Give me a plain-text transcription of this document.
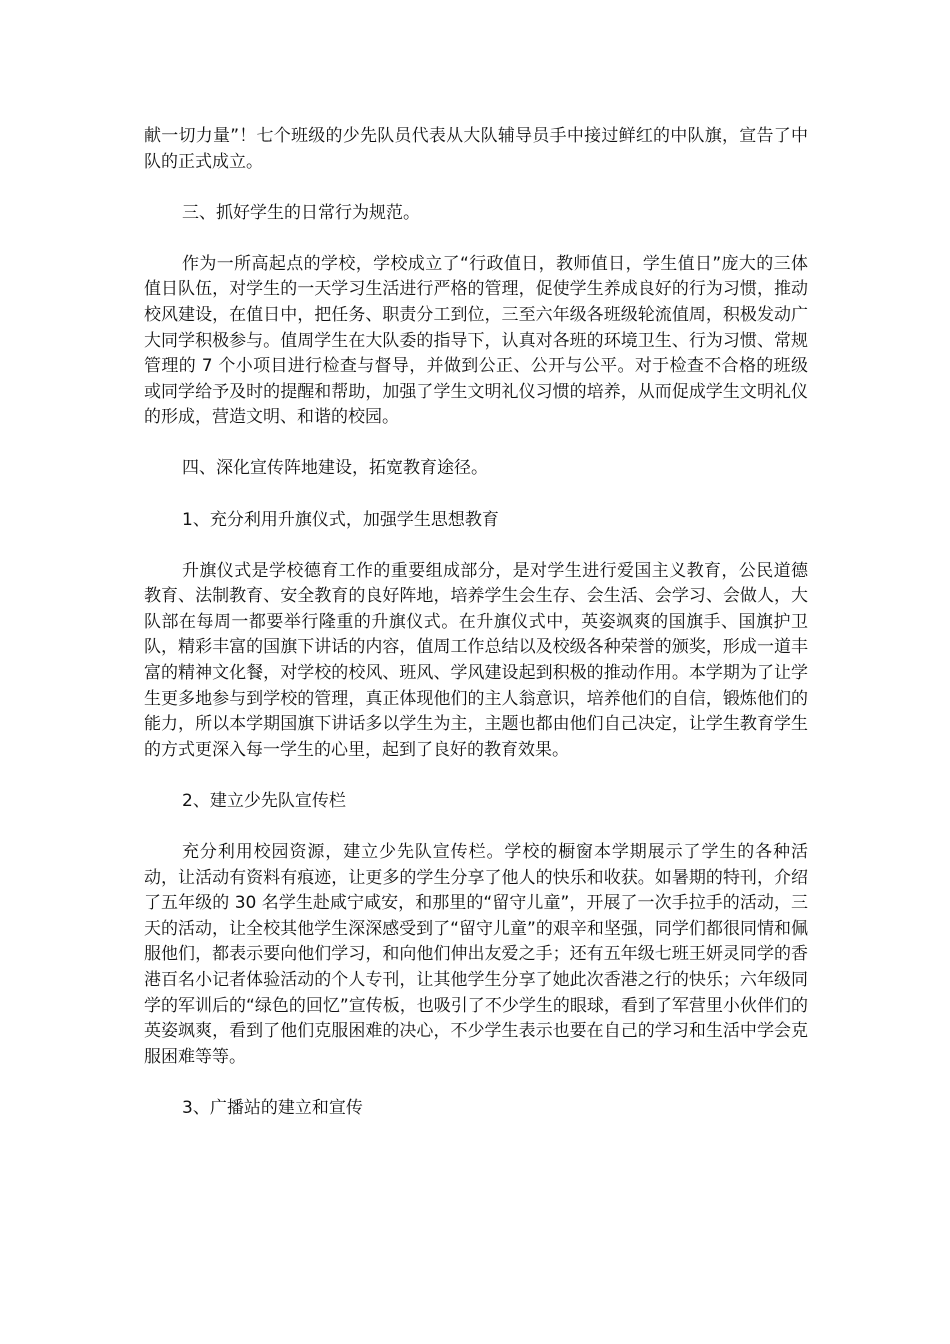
献一切力量”！七个班级的少先队员代表从大队辅导员手中接过鲜红的中队旗，宣告了中队的正式成立。

三、抓好学生的日常行为规范。

作为一所高起点的学校，学校成立了“行政值日，教师值日，学生值日”庞大的三体值日队伍，对学生的一天学习生活进行严格的管理，促使学生养成良好的行为习惯，推动校风建设，在值日中，把任务、职责分工到位，三至六年级各班级轮流值周，积极发动广大同学积极参与。值周学生在大队委的指导下，认真对各班的环境卫生、行为习惯、常规管理的 7 个小项目进行检查与督导，并做到公正、公开与公平。对于检查不合格的班级或同学给予及时的提醒和帮助，加强了学生文明礼仪习惯的培养，从而促成学生文明礼仪的形成，营造文明、和谐的校园。

四、深化宣传阵地建设，拓宽教育途径。

1、充分利用升旗仪式，加强学生思想教育

升旗仪式是学校德育工作的重要组成部分，是对学生进行爱国主义教育，公民道德教育、法制教育、安全教育的良好阵地，培养学生会生存、会生活、会学习、会做人，大队部在每周一都要举行隆重的升旗仪式。在升旗仪式中，英姿飒爽的国旗手、国旗护卫队，精彩丰富的国旗下讲话的内容，值周工作总结以及校级各种荣誉的颁奖，形成一道丰富的精神文化餐，对学校的校风、班风、学风建设起到积极的推动作用。本学期为了让学生更多地参与到学校的管理，真正体现他们的主人翁意识，培养他们的自信，锻炼他们的能力，所以本学期国旗下讲话多以学生为主，主题也都由他们自己决定，让学生教育学生的方式更深入每一学生的心里，起到了良好的教育效果。

2、建立少先队宣传栏

充分利用校园资源，建立少先队宣传栏。学校的橱窗本学期展示了学生的各种活动，让活动有资料有痕迹，让更多的学生分享了他人的快乐和收获。如暑期的特刊，介绍了五年级的 30 名学生赴咸宁咸安，和那里的“留守儿童”，开展了一次手拉手的活动，三天的活动，让全校其他学生深深感受到了“留守儿童”的艰辛和坚强，同学们都很同情和佩服他们，都表示要向他们学习，和向他们伸出友爱之手；还有五年级七班王妍灵同学的香港百名小记者体验活动的个人专刊，让其他学生分享了她此次香港之行的快乐；六年级同学的军训后的“绿色的回忆”宣传板，也吸引了不少学生的眼球，看到了军营里小伙伴们的英姿飒爽，看到了他们克服困难的决心，不少学生表示也要在自己的学习和生活中学会克服困难等等。

3、广播站的建立和宣传
